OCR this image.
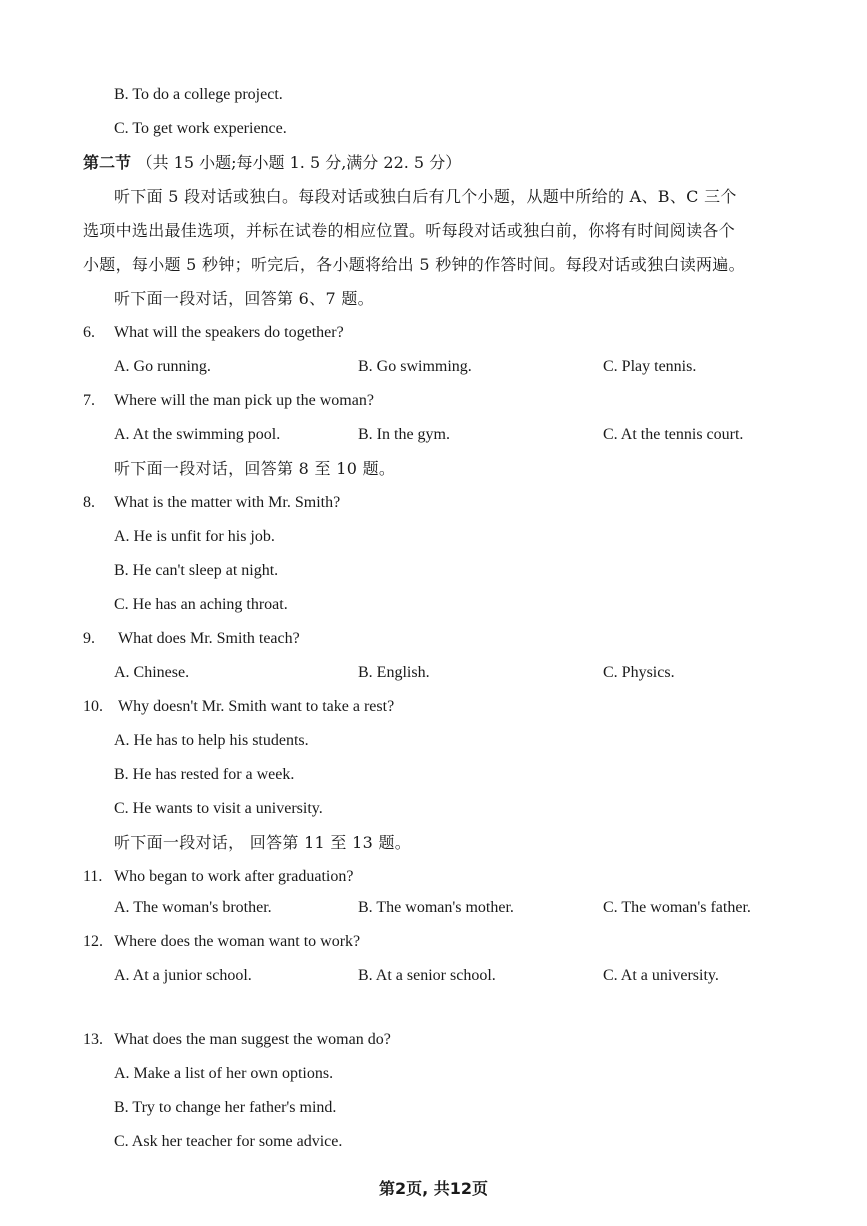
B. To do a college project.
C. To get work experience.
第二节 （共 15 小题;每小题 1. 5 分,满分 22. 5 分）
听下面 5 段对话或独白。每段对话或独白后有几个小题，从题中所给的 A、B、C 三个
选项中选出最佳选项，并标在试卷的相应位置。听每段对话或独白前，你将有时间阅读各个
小题，每小题 5 秒钟；听完后，各小题将给出 5 秒钟的作答时间。每段对话或独白读两遍。
听下面一段对话，回答第 6、7 题。
6. What will the speakers do together?
A. Go running.	B. Go swimming.	C. Play tennis.
7. Where will the man pick up the woman?
A. At the swimming pool.	B. In the gym.	C. At the tennis court.
听下面一段对话，回答第 8 至 10 题。
8. What is the matter with Mr. Smith?
A. He is unfit for his job.
B. He can't sleep at night.
C. He has an aching throat.
9. What does Mr. Smith teach?
A. Chinese.	B. English.	C. Physics.
10. Why doesn't Mr. Smith want to take a rest?
A. He has to help his students.
B. He has rested for a week.
C. He wants to visit a university.
听下面一段对话， 回答第 11 至 13 题。
11. Who began to work after graduation?
A. The woman's brother.	B. The woman's mother.	C. The woman's father.
12. Where does the woman want to work?
A. At a junior school.	B. At a senior school.	C. At a university.
13. What does the man suggest the woman do?
A. Make a list of her own options.
B. Try to change her father's mind.
C. Ask her teacher for some advice.
第2页, 共12页
